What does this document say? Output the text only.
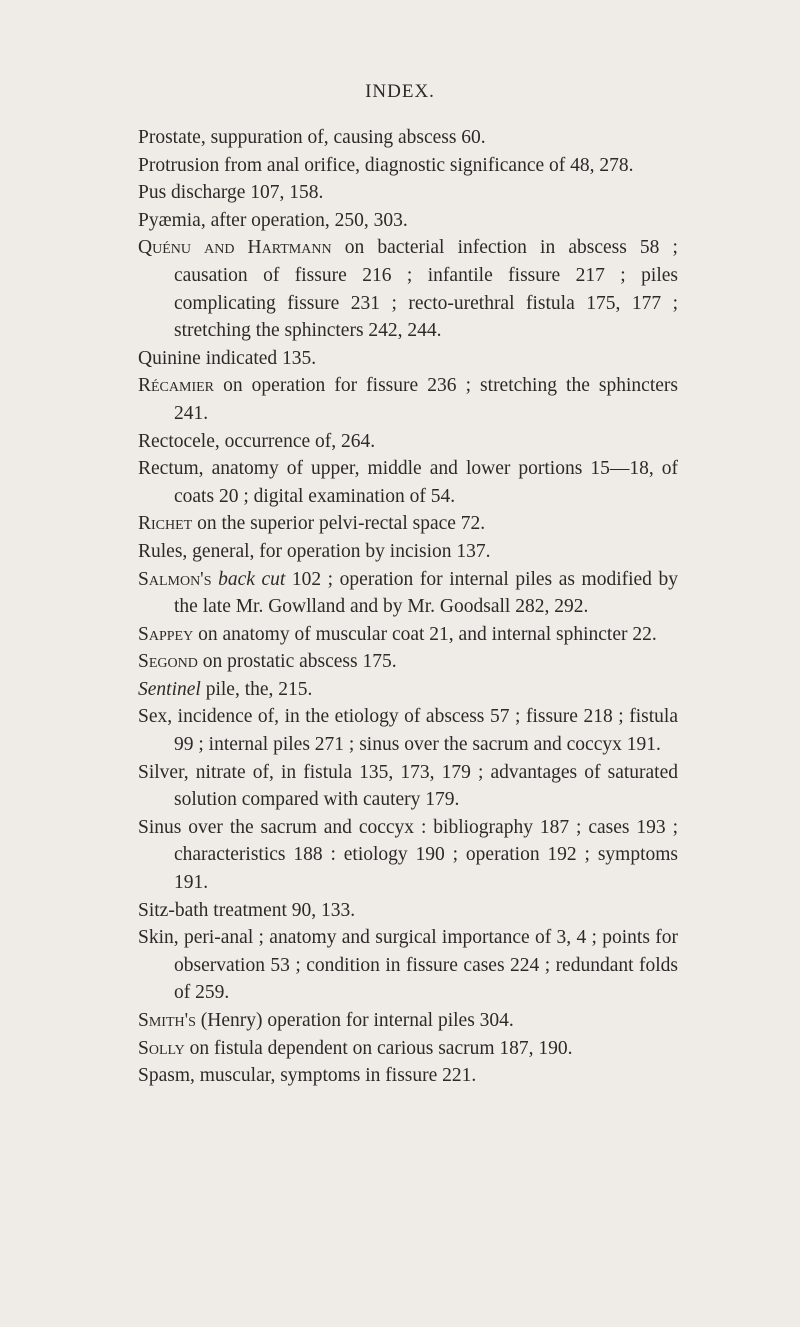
INDEX.

Prostate, suppuration of, causing abscess 60.

Protrusion from anal orifice, diagnostic significance of 48, 278.

Pus discharge 107, 158.

Pyæmia, after operation, 250, 303.

Quénu and Hartmann on bacterial infection in abscess 58 ; causation of fissure 216 ; infantile fissure 217 ; piles complicating fissure 231 ; recto-urethral fistula 175, 177 ; stretching the sphincters 242, 244.

Quinine indicated 135.

Récamier on operation for fissure 236 ; stretching the sphincters 241.

Rectocele, occurrence of, 264.

Rectum, anatomy of upper, middle and lower portions 15—18, of coats 20 ; digital examination of 54.

Richet on the superior pelvi-rectal space 72.

Rules, general, for operation by incision 137.

Salmon's back cut 102 ; operation for internal piles as modified by the late Mr. Gowlland and by Mr. Goodsall 282, 292.

Sappey on anatomy of muscular coat 21, and internal sphincter 22.

Segond on prostatic abscess 175.

Sentinel pile, the, 215.

Sex, incidence of, in the etiology of abscess 57 ; fissure 218 ; fistula 99 ; internal piles 271 ; sinus over the sacrum and coccyx 191.

Silver, nitrate of, in fistula 135, 173, 179 ; advantages of saturated solution compared with cautery 179.

Sinus over the sacrum and coccyx : bibliography 187 ; cases 193 ; characteristics 188 : etiology 190 ; operation 192 ; symptoms 191.

Sitz-bath treatment 90, 133.

Skin, peri-anal ; anatomy and surgical importance of 3, 4 ; points for observation 53 ; condition in fissure cases 224 ; redundant folds of 259.

Smith's (Henry) operation for internal piles 304.

Solly on fistula dependent on carious sacrum 187, 190.

Spasm, muscular, symptoms in fissure 221.
